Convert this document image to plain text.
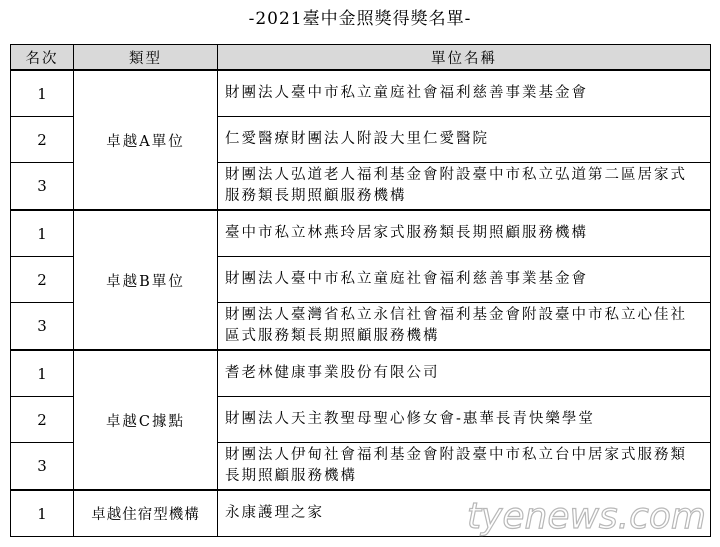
-2021臺中金照獎得獎名單-
名次	類型	單位名稱
1	卓越A單位	財團法人臺中市私立童庭社會福利慈善事業基金會
2		仁愛醫療財團法人附設大里仁愛醫院
3		財團法人弘道老人福利基金會附設臺中市私立弘道第二區居家式服務類長期照顧服務機構
1	卓越B單位	臺中市私立林燕玲居家式服務類長期照顧服務機構
2		財團法人臺中市私立童庭社會福利慈善事業基金會
3		財團法人臺灣省私立永信社會福利基金會附設臺中市私立心佳社區式服務類長期照顧服務機構
1	卓越C據點	耆老林健康事業股份有限公司
2		財團法人天主教聖母聖心修女會-惠華長青快樂學堂
3		財團法人伊甸社會福利基金會附設臺中市私立台中居家式服務類長期照顧服務機構
1	卓越住宿型機構	永康護理之家	tyenews.com
